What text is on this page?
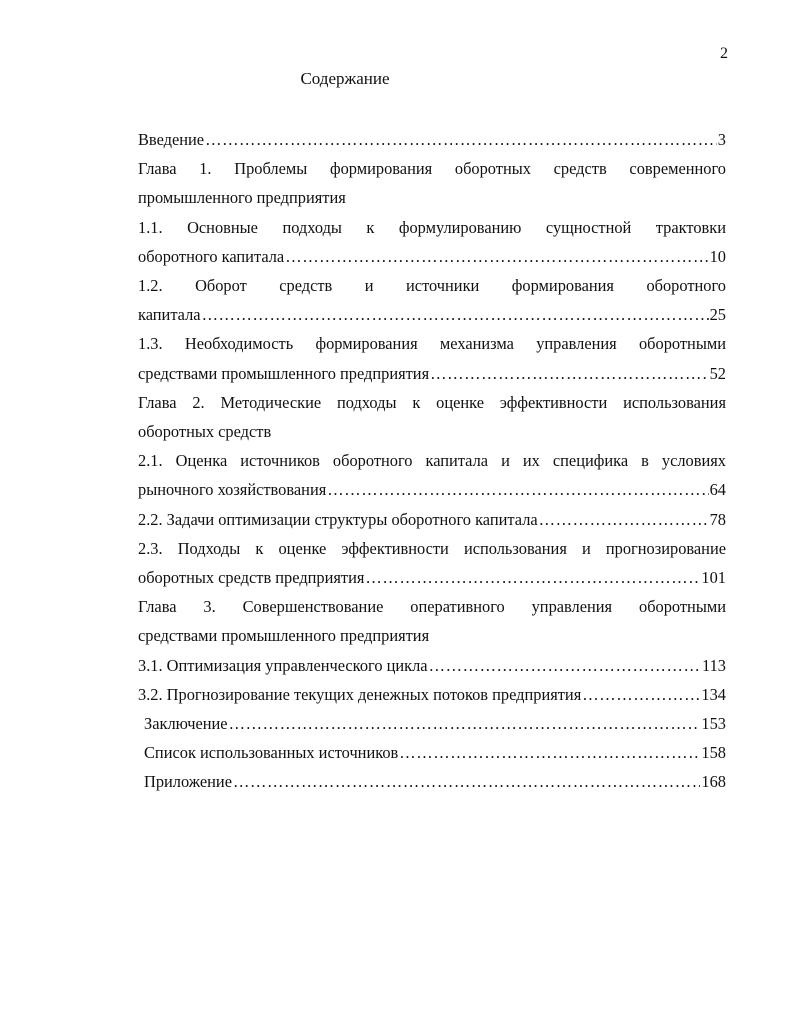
2
Содержание
Введение ……………………………………………………………………………………………………………………………………………………………	3
Глава 1. Проблемы формирования оборотных средств современного
промышленного предприятия
1.1. Основные подходы к формулированию сущностной трактовки
оборотного капитала ……………………………………………………………………………………………………………………………………………………………	10
1.2. Оборот средств и источники формирования оборотного
капитала ……………………………………………………………………………………………………………………………………………………………	25
1.3. Необходимость формирования механизма управления оборотными
средствами промышленного предприятия ……………………………………………………………………………………………………………………………………………………………	52
Глава 2. Методические подходы к оценке эффективности использования
оборотных средств
2.1. Оценка источников оборотного капитала и их специфика в условиях
рыночного хозяйствования ……………………………………………………………………………………………………………………………………………………………	64
2.2. Задачи оптимизации структуры оборотного капитала ……………………………………………………………………………………………………………………………………………………………	78
2.3. Подходы к оценке эффективности использования и прогнозирование
оборотных средств предприятия ……………………………………………………………………………………………………………………………………………………………	101
Глава 3. Совершенствование оперативного управления оборотными
средствами промышленного предприятия
3.1. Оптимизация управленческого цикла ……………………………………………………………………………………………………………………………………………………………	113
3.2. Прогнозирование текущих денежных потоков предприятия ……………………………………………………………………………………………………………………………………………………………	134
Заключение ……………………………………………………………………………………………………………………………………………………………	153
Список использованных источников ……………………………………………………………………………………………………………………………………………………………	158
Приложение ……………………………………………………………………………………………………………………………………………………………	168
